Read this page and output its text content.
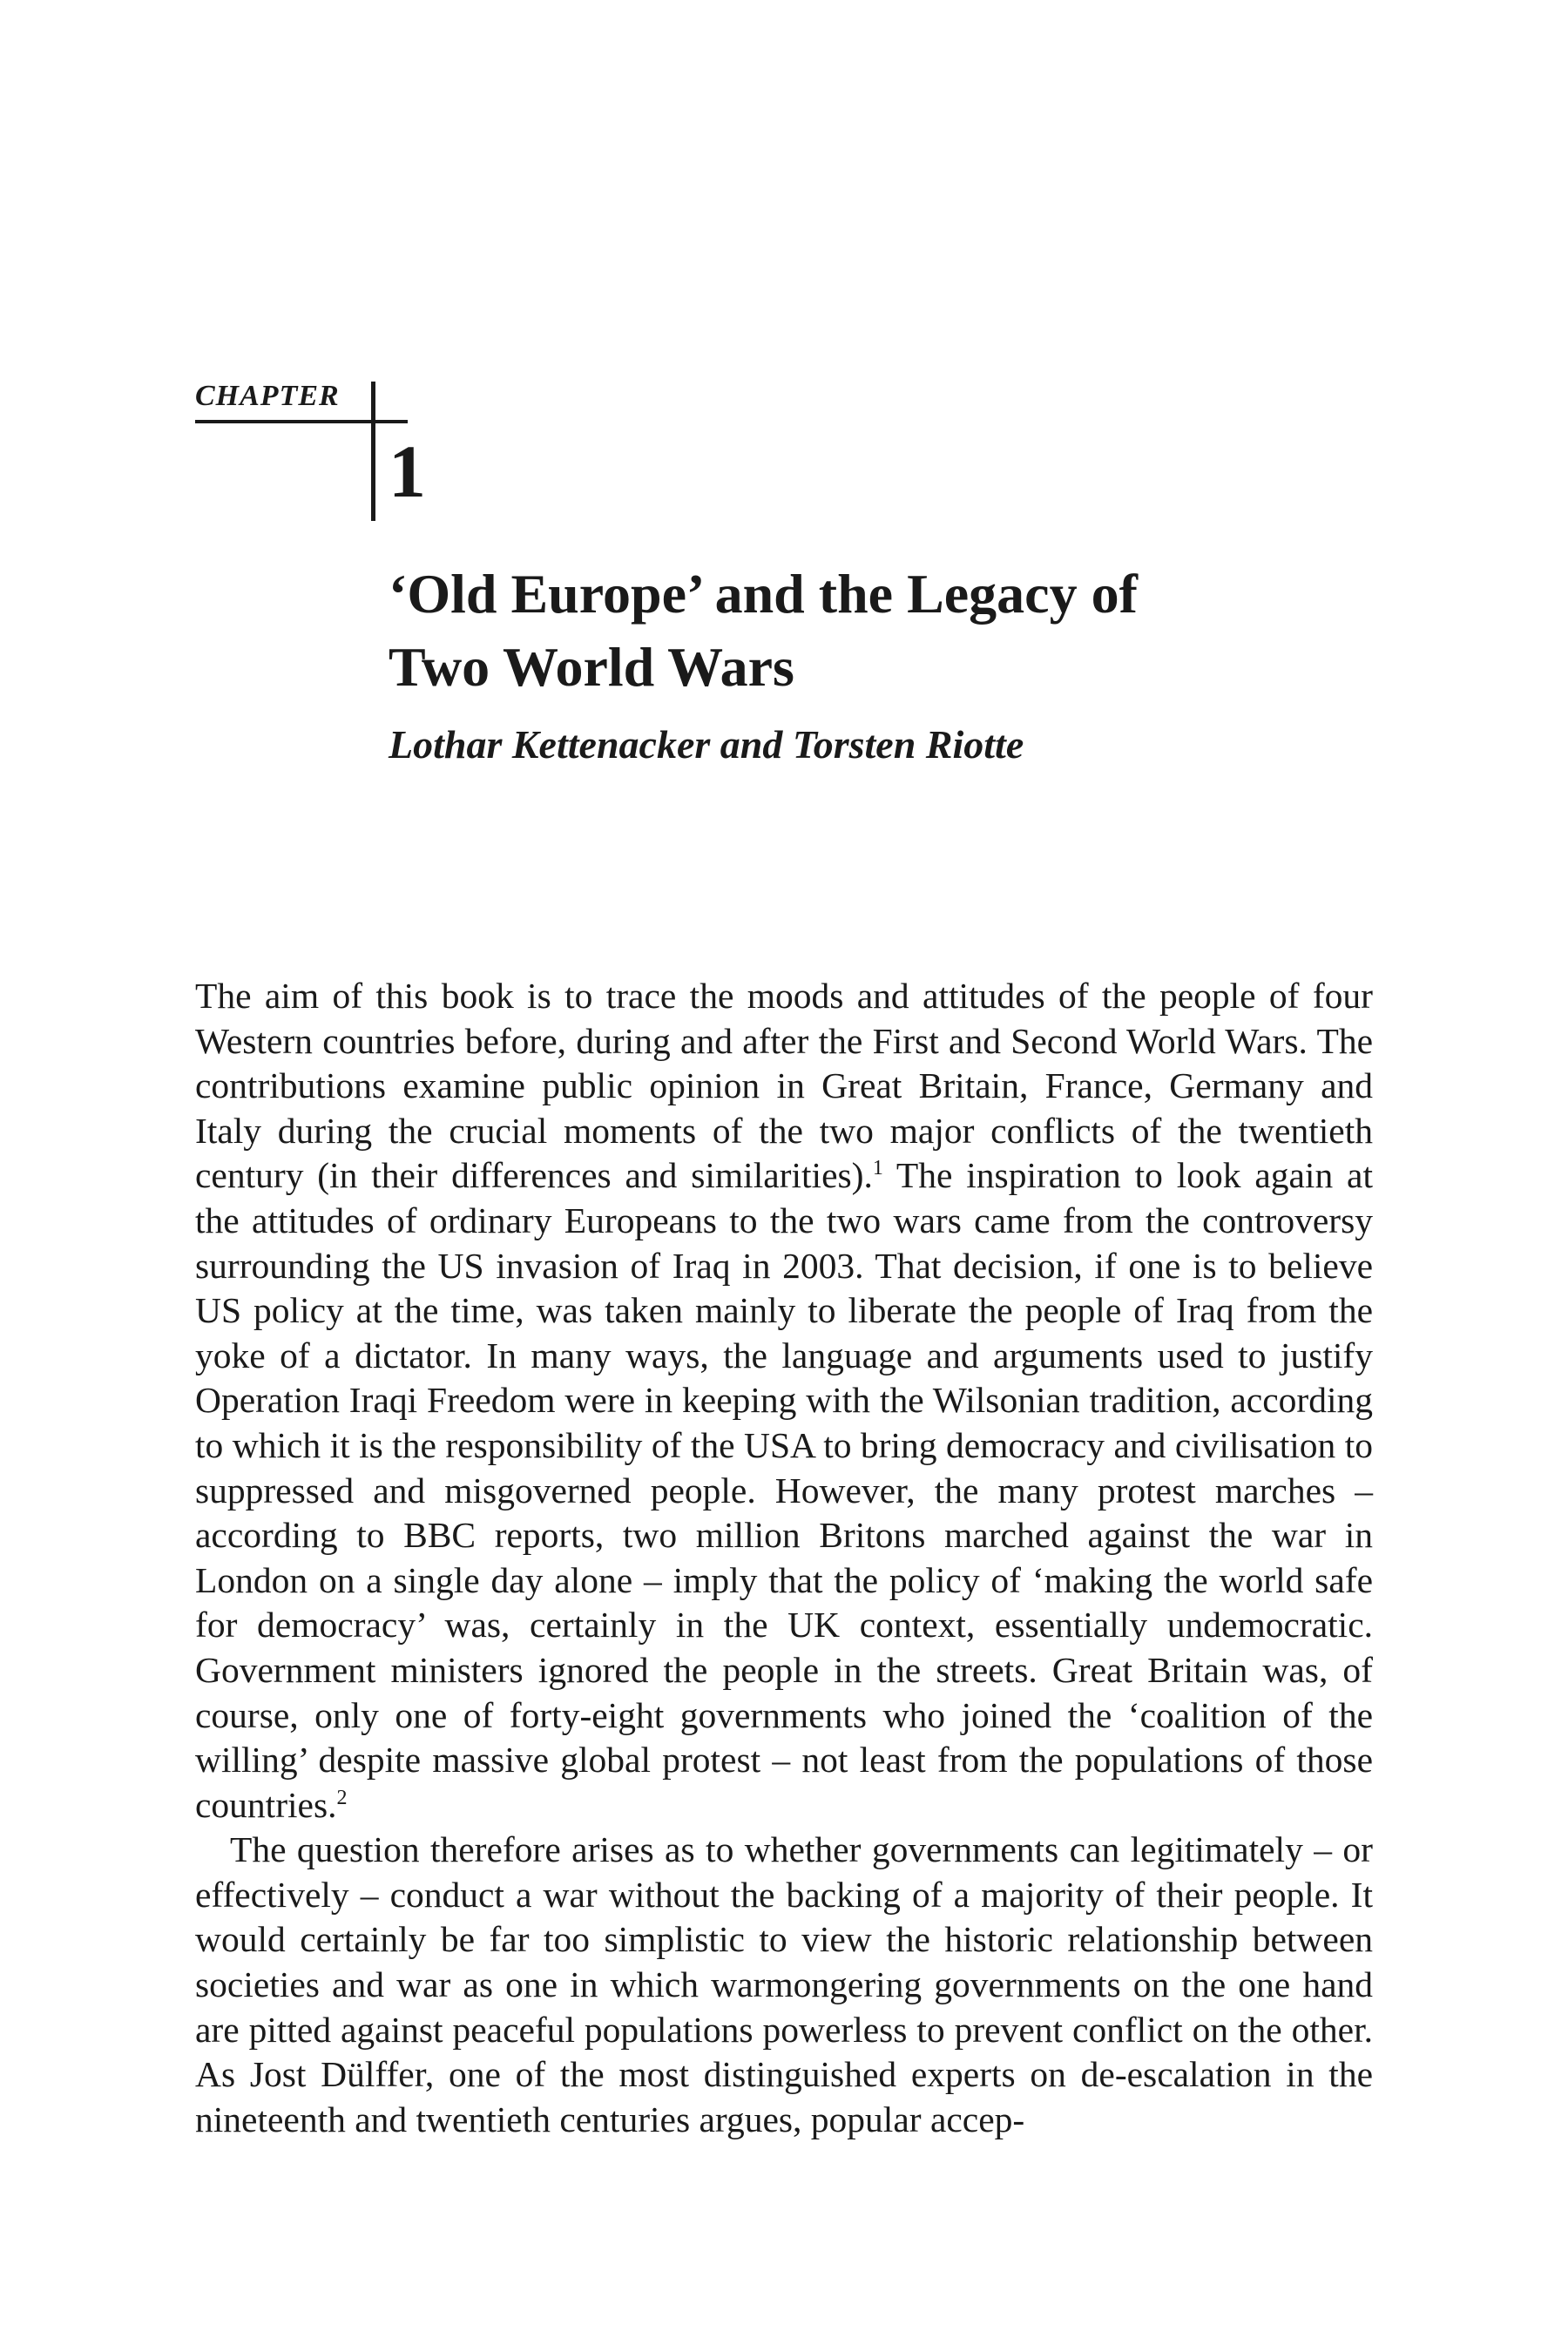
CHAPTER
1
‘Old Europe’ and the Legacy of
Two World Wars

Lothar Kettenacker and Torsten Riotte

The aim of this book is to trace the moods and attitudes of the people of four Western countries before, during and after the First and Second World Wars. The contributions examine public opinion in Great Britain, France, Germany and Italy during the crucial moments of the two major conflicts of the twentieth century (in their differences and similarities).$^1$ The inspiration to look again at the attitudes of ordinary Europeans to the two wars came from the controversy surrounding the US invasion of Iraq in 2003. That decision, if one is to believe US policy at the time, was taken mainly to liberate the people of Iraq from the yoke of a dictator. In many ways, the language and arguments used to justify Operation Iraqi Freedom were in keeping with the Wilsonian tradition, according to which it is the responsibility of the USA to bring democracy and civilisation to suppressed and misgoverned people. However, the many protest marches – according to BBC reports, two million Britons marched against the war in London on a single day alone – imply that the policy of ‘making the world safe for democracy’ was, certainly in the UK context, essentially undemocratic. Government ministers ignored the people in the streets. Great Britain was, of course, only one of forty-eight governments who joined the ‘coalition of the willing’ despite massive global protest – not least from the populations of those countries.$^2$

The question therefore arises as to whether governments can legitimately – or effectively – conduct a war without the backing of a majority of their people. It would certainly be far too simplistic to view the historic relationship between societies and war as one in which warmongering governments on the one hand are pitted against peaceful populations powerless to prevent conflict on the other. As Jost Dülffer, one of the most distinguished experts on de-escalation in the nineteenth and twentieth centuries argues, popular accep-
